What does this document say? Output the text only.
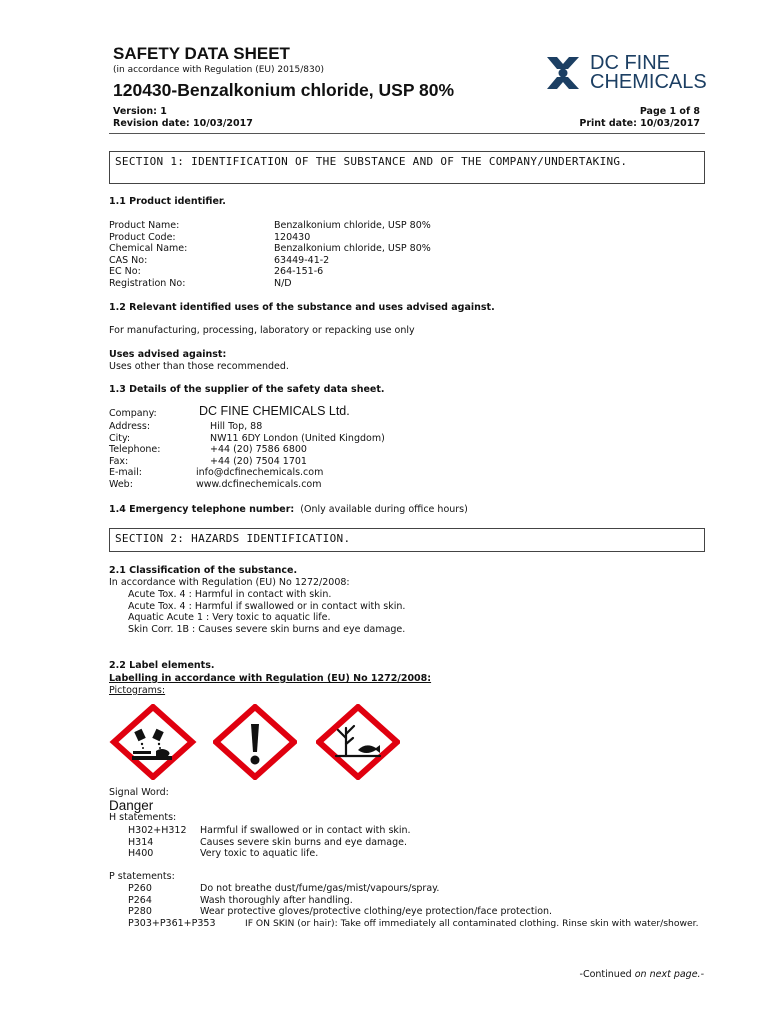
SAFETY DATA SHEET
(in accordance with Regulation (EU) 2015/830)
120430-Benzalkonium chloride, USP 80%
DC FINE
CHEMICALS
Version: 1
Revision date: 10/03/2017
Page 1 of 8
Print date: 10/03/2017
SECTION 1: IDENTIFICATION OF THE SUBSTANCE AND OF THE COMPANY/UNDERTAKING.
1.1 Product identifier.
Product Name:	Benzalkonium chloride, USP 80%
Product Code:	120430
Chemical Name:	Benzalkonium chloride, USP 80%
CAS No:	63449-41-2
EC No:	264-151-6
Registration No:	N/D
1.2 Relevant identified uses of the substance and uses advised against.
For manufacturing, processing, laboratory or repacking use only
Uses advised against:
Uses other than those recommended.
1.3 Details of the supplier of the safety data sheet.
Company:	DC FINE CHEMICALS Ltd.
Address:	Hill Top, 88
City:	NW11 6DY London (United Kingdom)
Telephone:	+44 (20) 7586 6800
Fax:	+44 (20) 7504 1701
E-mail:	info@dcfinechemicals.com
Web:	www.dcfinechemicals.com
1.4 Emergency telephone number: (Only available during office hours)
SECTION 2: HAZARDS IDENTIFICATION.
2.1 Classification of the substance.
In accordance with Regulation (EU) No 1272/2008:
Acute Tox. 4 : Harmful in contact with skin.
Acute Tox. 4 : Harmful if swallowed or in contact with skin.
Aquatic Acute 1 : Very toxic to aquatic life.
Skin Corr. 1B : Causes severe skin burns and eye damage.
2.2 Label elements.
Labelling in accordance with Regulation (EU) No 1272/2008:
Pictograms:
Signal Word:
Danger
H statements:
H302+H312	Harmful if swallowed or in contact with skin.
H314	Causes severe skin burns and eye damage.
H400	Very toxic to aquatic life.
P statements:
P260	Do not breathe dust/fume/gas/mist/vapours/spray.
P264	Wash thoroughly after handling.
P280	Wear protective gloves/protective clothing/eye protection/face protection.
P303+P361+P353	IF ON SKIN (or hair): Take off immediately all contaminated clothing. Rinse skin with water/shower.
-Continued on next page.-
